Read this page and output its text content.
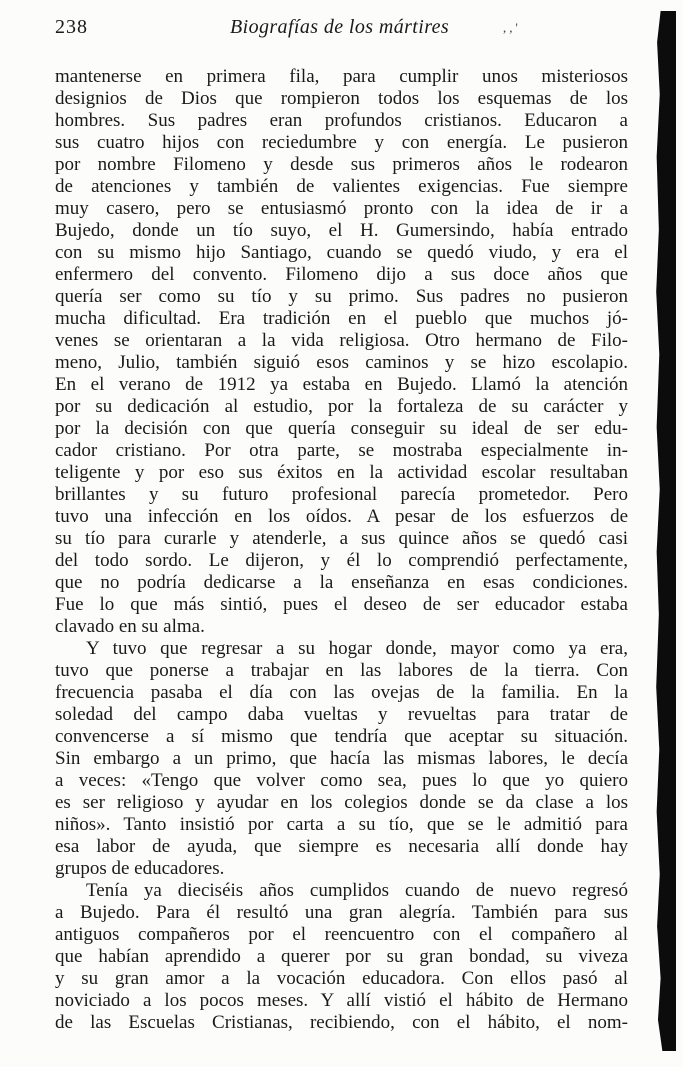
238	Biografías de los mártires	,,'
mantenerse en primera fila, para cumplir unos misteriosos
designios de Dios que rompieron todos los esquemas de los
hombres. Sus padres eran profundos cristianos. Educaron a
sus cuatro hijos con reciedumbre y con energía. Le pusieron
por nombre Filomeno y desde sus primeros años le rodearon
de atenciones y también de valientes exigencias. Fue siempre
muy casero, pero se entusiasmó pronto con la idea de ir a
Bujedo, donde un tío suyo, el H. Gumersindo, había entrado
con su mismo hijo Santiago, cuando se quedó viudo, y era el
enfermero del convento. Filomeno dijo a sus doce años que
quería ser como su tío y su primo. Sus padres no pusieron
mucha dificultad. Era tradición en el pueblo que muchos jó-
venes se orientaran a la vida religiosa. Otro hermano de Filo-
meno, Julio, también siguió esos caminos y se hizo escolapio.
En el verano de 1912 ya estaba en Bujedo. Llamó la atención
por su dedicación al estudio, por la fortaleza de su carácter y
por la decisión con que quería conseguir su ideal de ser edu-
cador cristiano. Por otra parte, se mostraba especialmente in-
teligente y por eso sus éxitos en la actividad escolar resultaban
brillantes y su futuro profesional parecía prometedor. Pero
tuvo una infección en los oídos. A pesar de los esfuerzos de
su tío para curarle y atenderle, a sus quince años se quedó casi
del todo sordo. Le dijeron, y él lo comprendió perfectamente,
que no podría dedicarse a la enseñanza en esas condiciones.
Fue lo que más sintió, pues el deseo de ser educador estaba
clavado en su alma.
Y tuvo que regresar a su hogar donde, mayor como ya era,
tuvo que ponerse a trabajar en las labores de la tierra. Con
frecuencia pasaba el día con las ovejas de la familia. En la
soledad del campo daba vueltas y revueltas para tratar de
convencerse a sí mismo que tendría que aceptar su situación.
Sin embargo a un primo, que hacía las mismas labores, le decía
a veces: «Tengo que volver como sea, pues lo que yo quiero
es ser religioso y ayudar en los colegios donde se da clase a los
niños». Tanto insistió por carta a su tío, que se le admitió para
esa labor de ayuda, que siempre es necesaria allí donde hay
grupos de educadores.
Tenía ya dieciséis años cumplidos cuando de nuevo regresó
a Bujedo. Para él resultó una gran alegría. También para sus
antiguos compañeros por el reencuentro con el compañero al
que habían aprendido a querer por su gran bondad, su viveza
y su gran amor a la vocación educadora. Con ellos pasó al
noviciado a los pocos meses. Y allí vistió el hábito de Hermano
de las Escuelas Cristianas, recibiendo, con el hábito, el nom-
